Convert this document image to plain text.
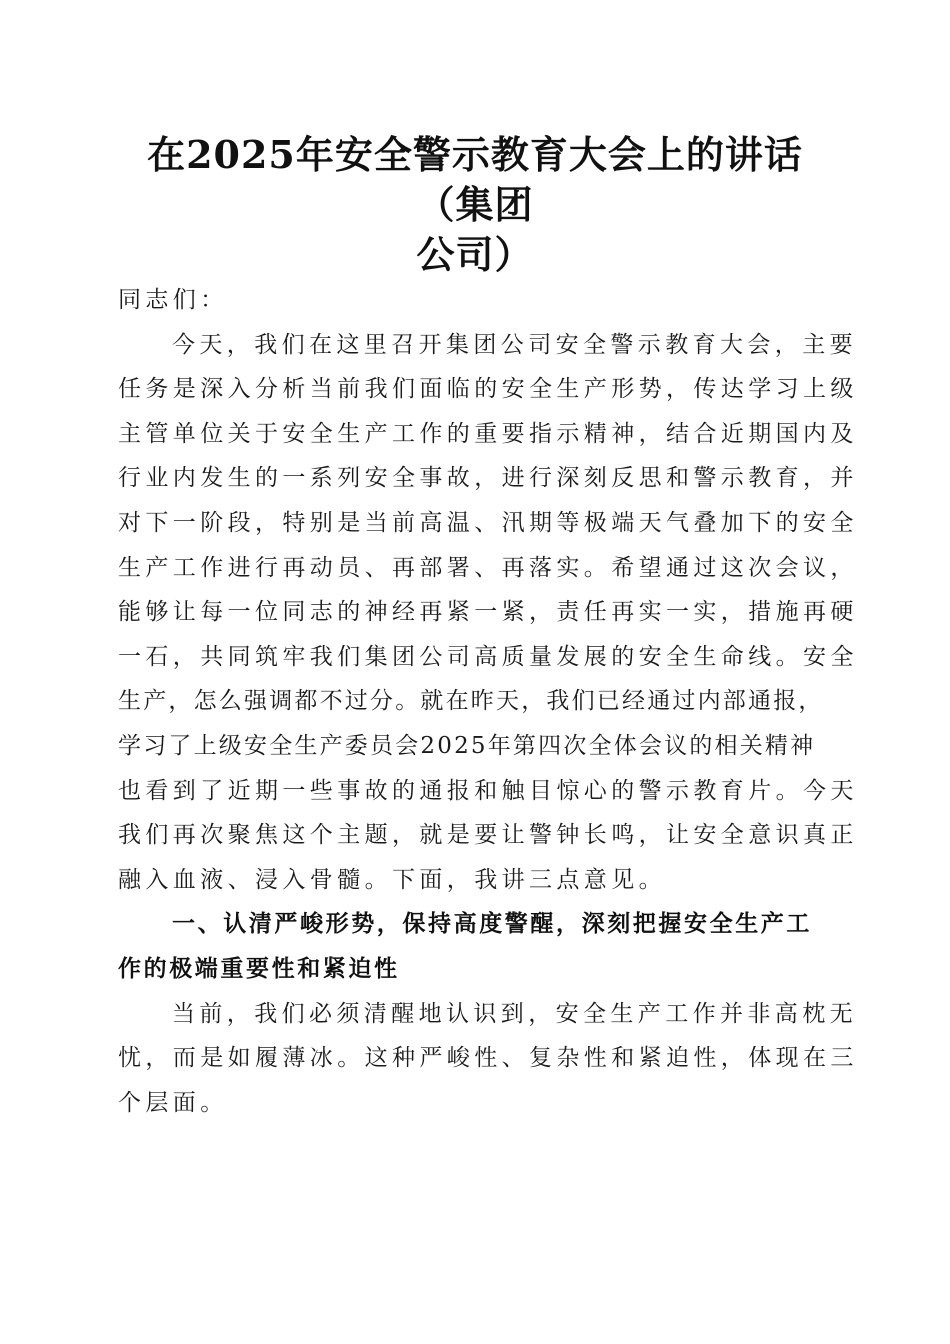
在2025年安全警示教育大会上的讲话（集团
公司）
同志们：
今天，我们在这里召开集团公司安全警示教育大会，主要
任务是深入分析当前我们面临的安全生产形势，传达学习上级
主管单位关于安全生产工作的重要指示精神，结合近期国内及
行业内发生的一系列安全事故，进行深刻反思和警示教育，并
对下一阶段，特别是当前高温、汛期等极端天气叠加下的安全
生产工作进行再动员、再部署、再落实。希望通过这次会议，
能够让每一位同志的神经再紧一紧，责任再实一实，措施再硬
一石，共同筑牢我们集团公司高质量发展的安全生命线。安全
生产，怎么强调都不过分。就在昨天，我们已经通过内部通报，
学习了上级安全生产委员会2025年第四次全体会议的相关精神
也看到了近期一些事故的通报和触目惊心的警示教育片。今天
我们再次聚焦这个主题，就是要让警钟长鸣，让安全意识真正
融入血液、浸入骨髓。下面，我讲三点意见。
一、认清严峻形势，保持高度警醒，深刻把握安全生产工
作的极端重要性和紧迫性
当前，我们必须清醒地认识到，安全生产工作并非高枕无
忧，而是如履薄冰。这种严峻性、复杂性和紧迫性，体现在三
个层面。
